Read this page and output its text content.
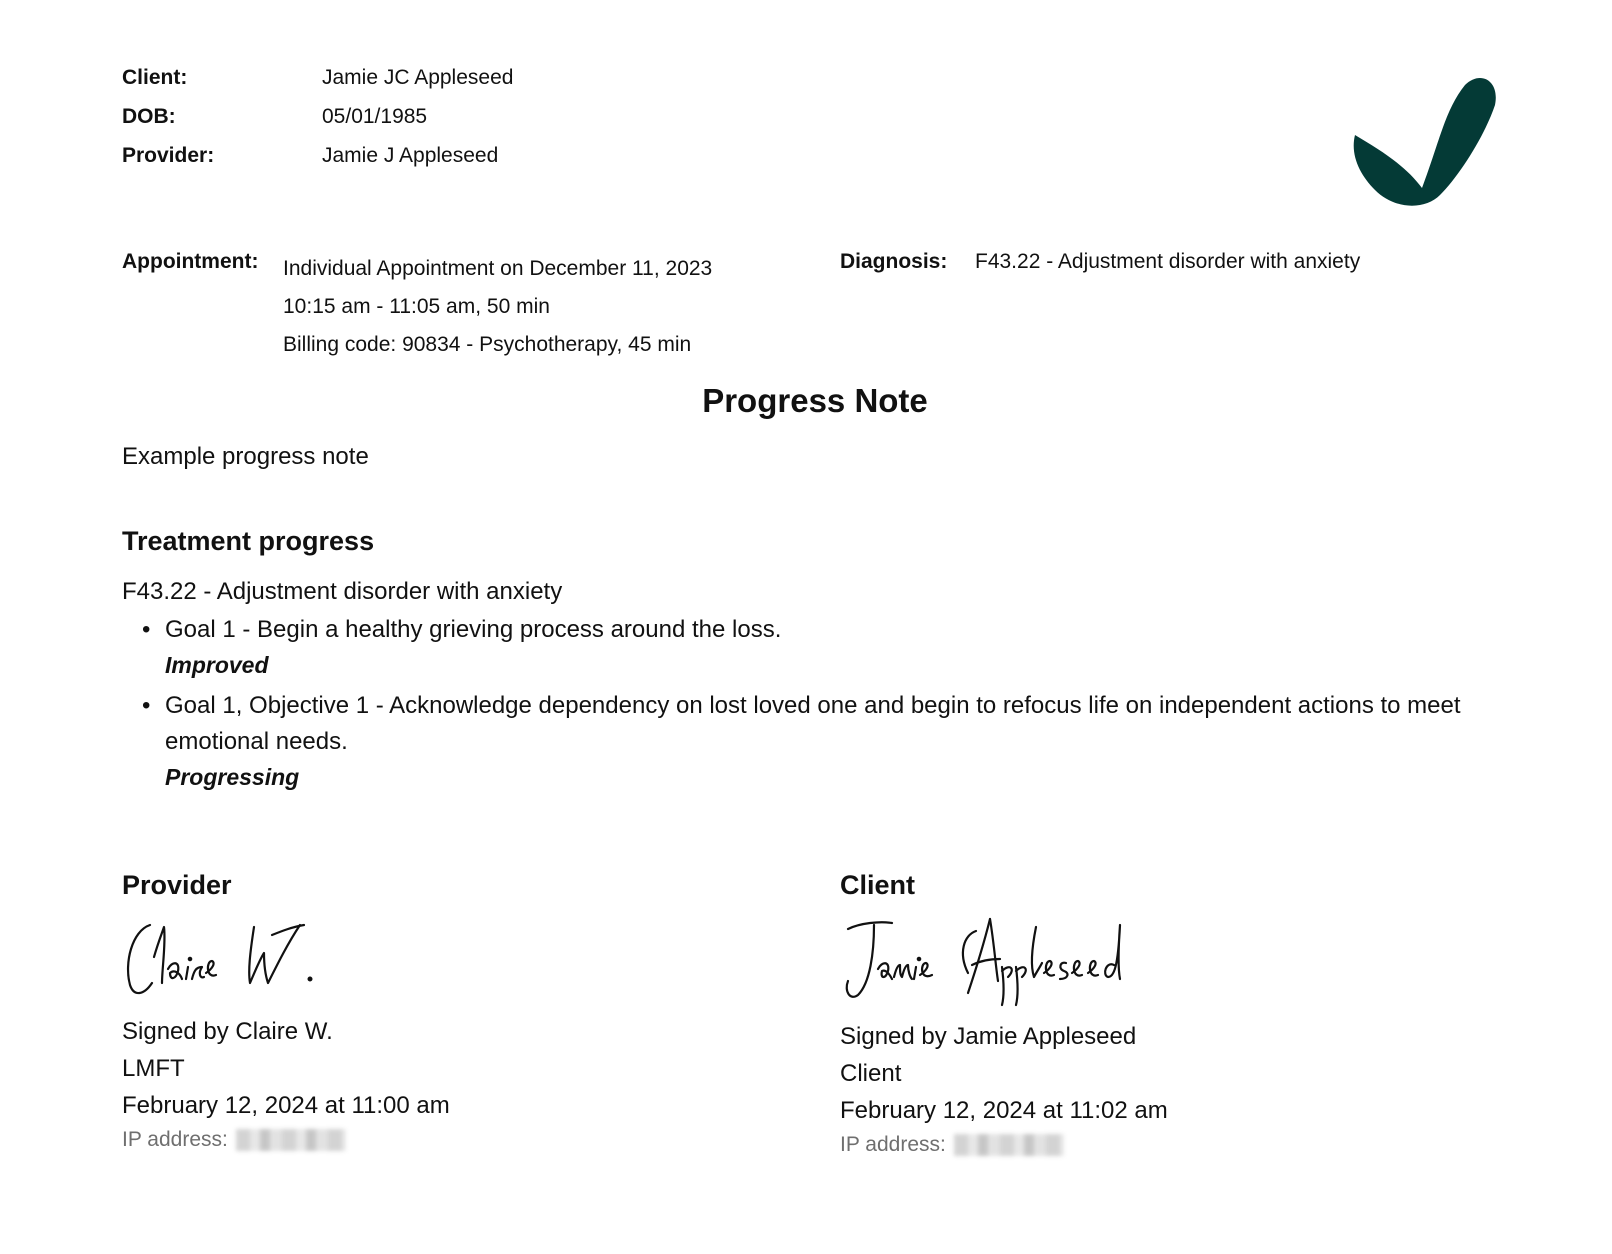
Client:	Jamie JC Appleseed
DOB:	05/01/1985
Provider:	Jamie J Appleseed
Appointment: Individual Appointment on December 11, 2023
10:15 am - 11:05 am, 50 min
Billing code: 90834 - Psychotherapy, 45 min
Diagnosis: F43.22 - Adjustment disorder with anxiety
Progress Note
Example progress note
Treatment progress
F43.22 - Adjustment disorder with anxiety
• Goal 1 - Begin a healthy grieving process around the loss.
Improved
• Goal 1, Objective 1 - Acknowledge dependency on lost loved one and begin to refocus life on independent actions to meet emotional needs.
Progressing
Provider
Signed by Claire W.
LMFT
February 12, 2024 at 11:00 am
IP address:
Client
Signed by Jamie Appleseed
Client
February 12, 2024 at 11:02 am
IP address:
